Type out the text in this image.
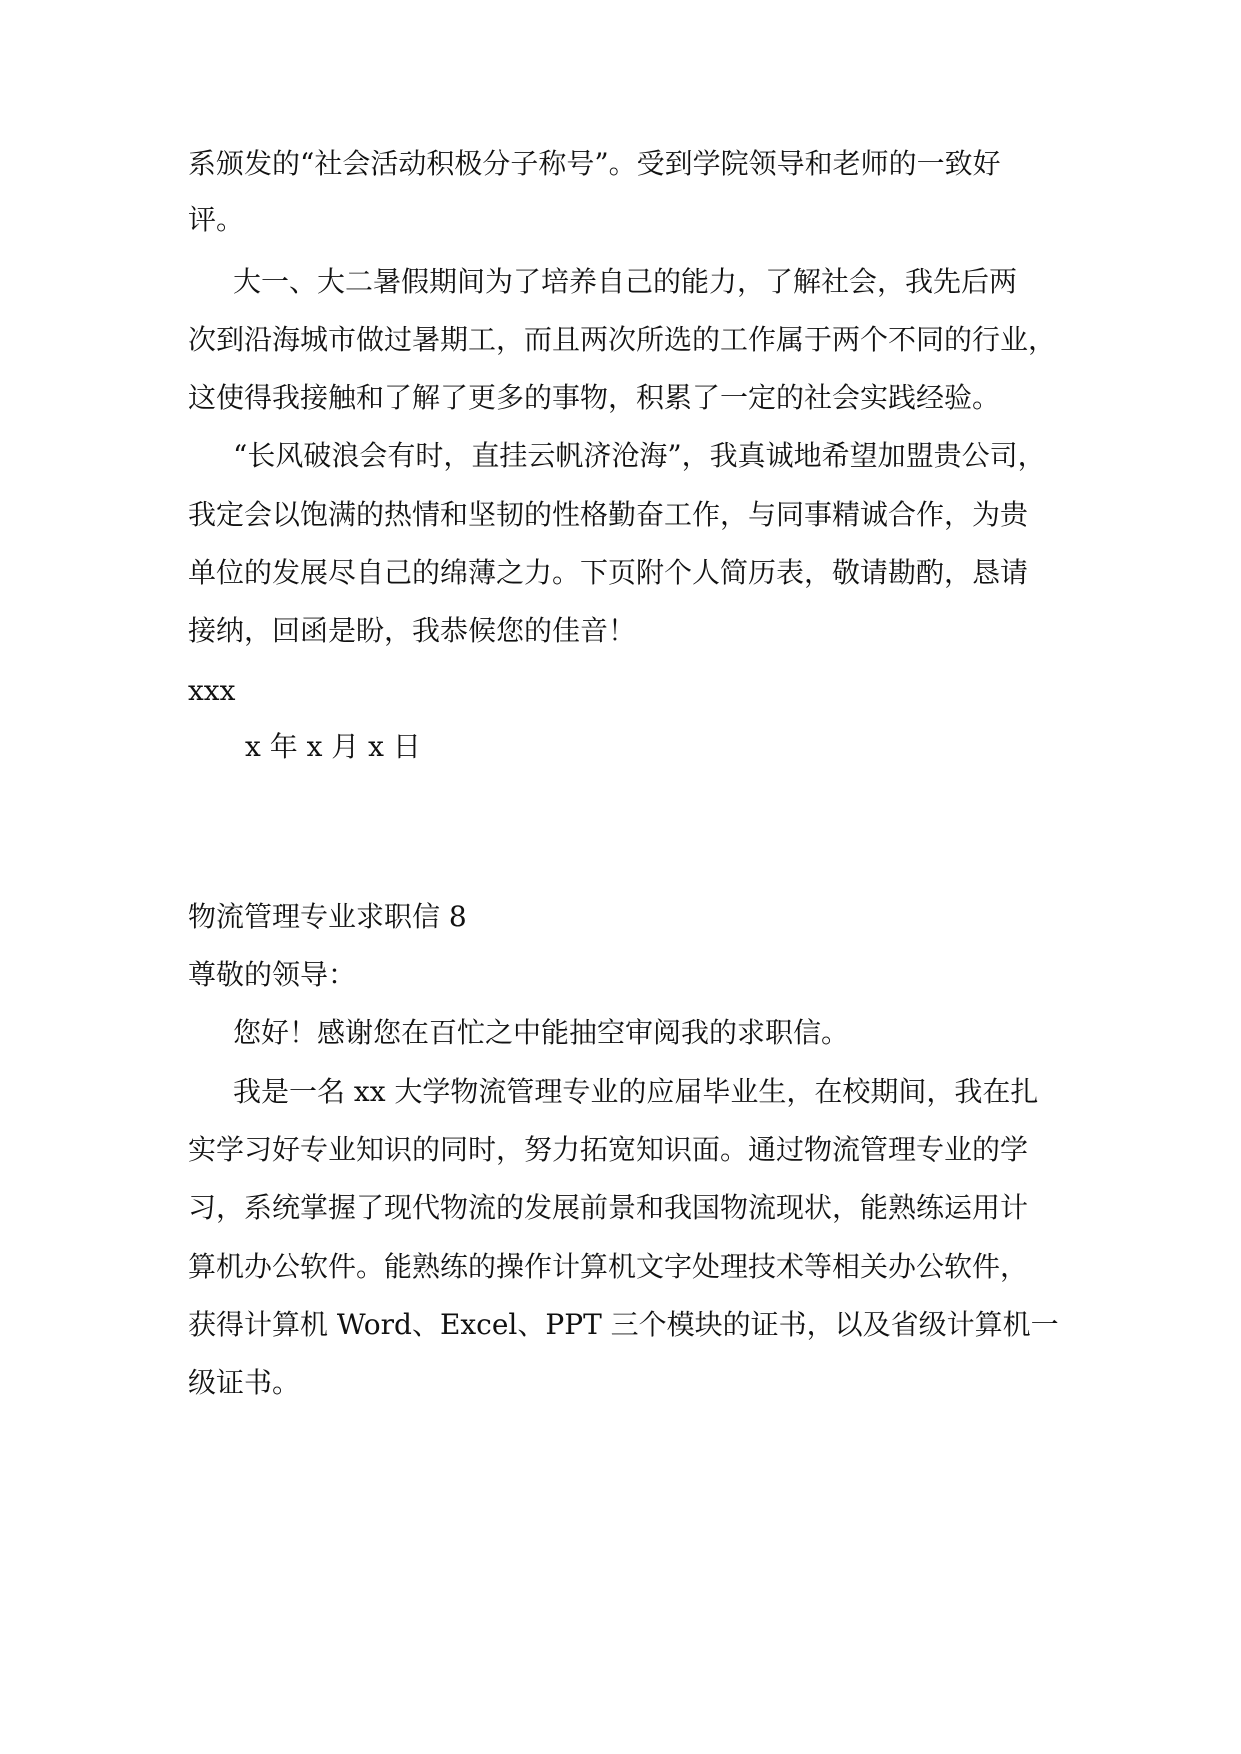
系颁发的“社会活动积极分子称号”。受到学院领导和老师的一致好
评。
大一、大二暑假期间为了培养自己的能力，了解社会，我先后两
次到沿海城市做过暑期工，而且两次所选的工作属于两个不同的行业，
这使得我接触和了解了更多的事物，积累了一定的社会实践经验。
“长风破浪会有时，直挂云帆济沧海”，我真诚地希望加盟贵公司，
我定会以饱满的热情和坚韧的性格勤奋工作，与同事精诚合作，为贵
单位的发展尽自己的绵薄之力。下页附个人简历表，敬请勘酌，恳请
接纳，回函是盼，我恭候您的佳音！
xxx
x 年 x 月 x 日
物流管理专业求职信 8
尊敬的领导：
您好！感谢您在百忙之中能抽空审阅我的求职信。
我是一名 xx 大学物流管理专业的应届毕业生，在校期间，我在扎
实学习好专业知识的同时，努力拓宽知识面。通过物流管理专业的学
习，系统掌握了现代物流的发展前景和我国物流现状，能熟练运用计
算机办公软件。能熟练的操作计算机文字处理技术等相关办公软件，
获得计算机 Word、Excel、PPT 三个模块的证书，以及省级计算机一
级证书。
